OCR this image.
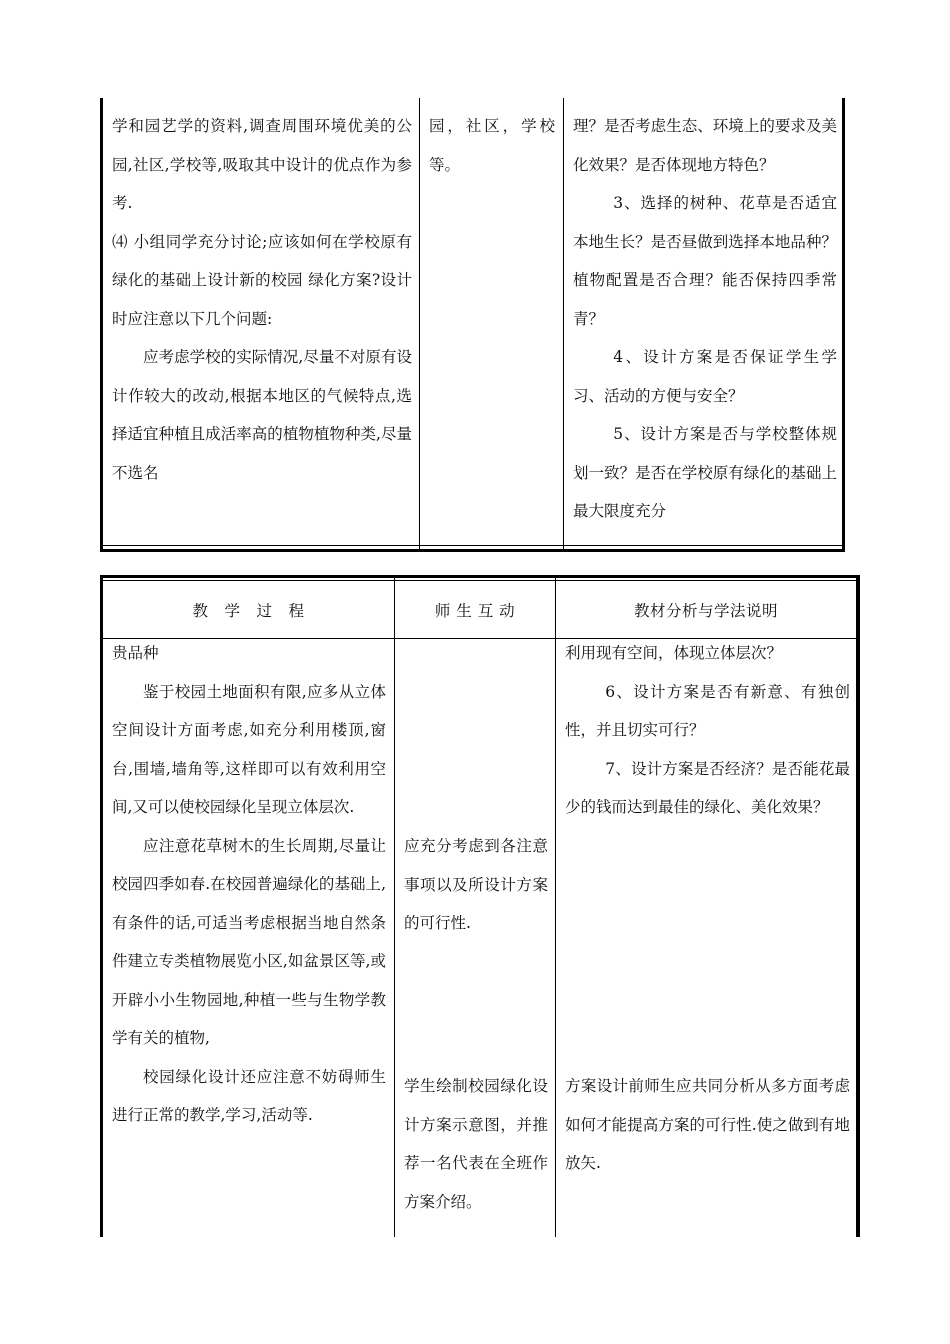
学和园艺学的资料,调查周围环境优美的公园,社区,学校等,吸取其中设计的优点作为参考.

⑷ 小组同学充分讨论;应该如何在学校原有绿化的基础上设计新的校园 绿化方案?设计时应注意以下几个问题:

应考虑学校的实际情况,尽量不对原有设计作较大的改动,根据本地区的气候特点,选择适宜种植且成活率高的植物植物种类,尽量不选名

园，社区，学校等。

理？是否考虑生态、环境上的要求及美化效果？是否体现地方特色？

3、选择的树种、花草是否适宜本地生长？是否昼做到选择本地品种？植物配置是否合理？能否保持四季常青？

4、设计方案是否保证学生学习、活动的方便与安全？

5、设计方案是否与学校整体规划一致？是否在学校原有绿化的基础上最大限度充分

教　学　过　程	师 生 互 动	教材分析与学法说明

贵品种

鉴于校园土地面积有限,应多从立体空间设计方面考虑,如充分利用楼顶,窗台,围墙,墙角等,这样即可以有效利用空间,又可以使校园绿化呈现立体层次.

应注意花草树木的生长周期,尽量让校园四季如春.在校园普遍绿化的基础上,有条件的话,可适当考虑根据当地自然条件建立专类植物展览小区,如盆景区等,或开辟小小生物园地,种植一些与生物学教学有关的植物,

校园绿化设计还应注意不妨碍师生进行正常的教学,学习,活动等.

应充分考虑到各注意事项以及所设计方案的可行性.

学生绘制校园绿化设计方案示意图，并推荐一名代表在全班作方案介绍。

利用现有空间，体现立体层次？

6、设计方案是否有新意、有独创性，并且切实可行？

7、设计方案是否经济？是否能花最少的钱而达到最佳的绿化、美化效果？

方案设计前师生应共同分析从多方面考虑如何才能提高方案的可行性.使之做到有地放矢.
